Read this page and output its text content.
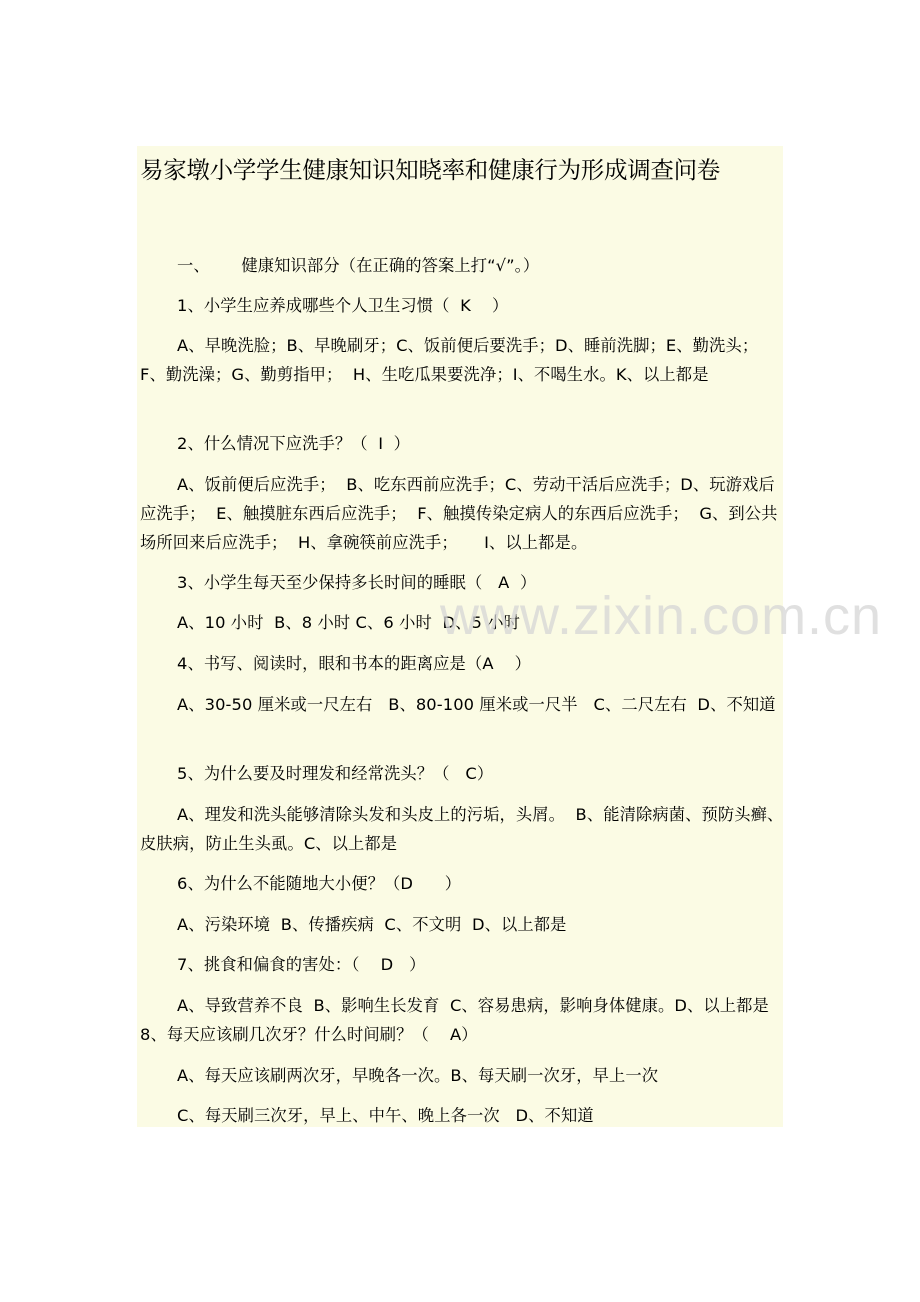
易家墩小学学生健康知识知晓率和健康行为形成调查问卷
一、      健康知识部分（在正确的答案上打“√”。）
1、小学生应养成哪些个人卫生习惯（  K    ）
A、早晚洗脸；B、早晚刷牙；C、饭前便后要洗手；D、睡前洗脚；E、勤洗头；  F、勤洗澡；G、勤剪指甲；  H、生吃瓜果要洗净；I、不喝生水。K、以上都是
2、什么情况下应洗手？（  I  ）
A、饭前便后应洗手；  B、吃东西前应洗手；C、劳动干活后应洗手；D、玩游戏后应洗手；  E、触摸脏东西后应洗手；  F、触摸传染定病人的东西后应洗手；  G、到公共场所回来后应洗手；  H、拿碗筷前应洗手；     I、以上都是。
3、小学生每天至少保持多长时间的睡眠（   A  ）
A、10 小时  B、8 小时 C、6 小时  D、5 小时
4、书写、阅读时，眼和书本的距离应是（A    ）
A、30-50 厘米或一尺左右   B、80-100 厘米或一尺半   C、二尺左右  D、不知道
5、为什么要及时理发和经常洗头？（   C）
A、理发和洗头能够清除头发和头皮上的污垢，头屑。  B、能清除病菌、预防头癣、皮肤病，防止生头虱。C、以上都是
6、为什么不能随地大小便？（D      ）
A、污染环境  B、传播疾病  C、不文明  D、以上都是
7、挑食和偏食的害处：（    D   ）
A、导致营养不良  B、影响生长发育  C、容易患病，影响身体健康。D、以上都是 8、每天应该刷几次牙？什么时间刷？（    A）
A、每天应该刷两次牙，早晚各一次。B、每天刷一次牙，早上一次
C、每天刷三次牙，早上、中午、晚上各一次   D、不知道
www.zixin.com.cn
